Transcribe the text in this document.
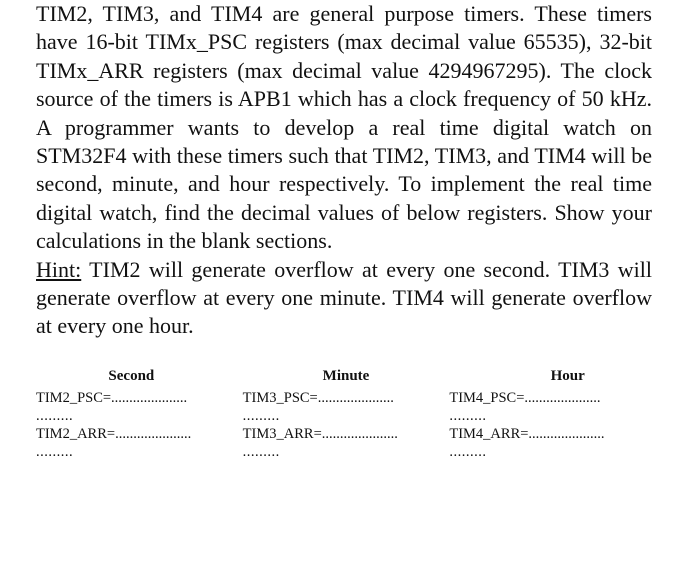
TIM2, TIM3, and TIM4 are general purpose timers. These timers have 16-bit TIMx_PSC registers (max decimal value 65535), 32-bit TIMx_ARR registers (max decimal value 4294967295). The clock source of the timers is APB1 which has a clock frequency of 50 kHz. A programmer wants to develop a real time digital watch on STM32F4 with these timers such that TIM2, TIM3, and TIM4 will be second, minute, and hour respectively. To implement the real time digital watch, find the decimal values of below registers. Show your calculations in the blank sections.

Hint: TIM2 will generate overflow at every one second. TIM3 will generate overflow at every one minute. TIM4 will generate overflow at every one hour.

Second
TIM2_PSC=.....................
.........
TIM2_ARR=.....................
.........
Minute
TIM3_PSC=.....................
.........
TIM3_ARR=.....................
.........
Hour
TIM4_PSC=.....................
.........
TIM4_ARR=.....................
.........
